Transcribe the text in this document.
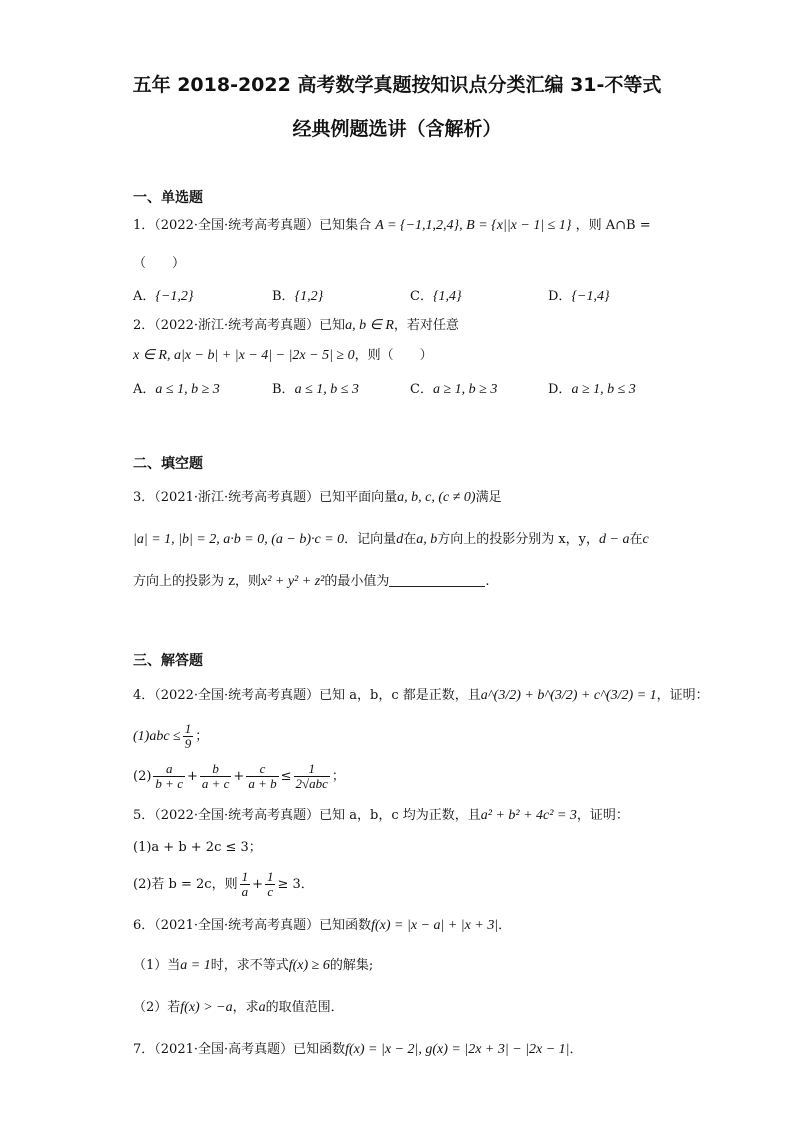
五年 2018-2022 高考数学真题按知识点分类汇编 31-不等式
经典例题选讲（含解析）
一、单选题
1．（2022·全国·统考高考真题）已知集合 A = {−1,1,2,4}, B = {x||x − 1| ≤ 1} ，则 A∩B =
（　　）
A．{−1,2}	B．{1,2}	C．{1,4}	D．{−1,4}
2．（2022·浙江·统考高考真题）已知a, b ∈ R，若对任意
x ∈ R, a|x − b| + |x − 4| − |2x − 5| ≥ 0，则（　　）
A．a ≤ 1, b ≥ 3	B．a ≤ 1, b ≤ 3	C．a ≥ 1, b ≥ 3	D．a ≥ 1, b ≤ 3
二、填空题
3．（2021·浙江·统考高考真题）已知平面向量a, b, c, (c ≠ 0)满足
|a| = 1, |b| = 2, a·b = 0, (a − b)·c = 0．记向量d在a, b方向上的投影分别为 x，y，d − a在c
方向上的投影为 z，则x² + y² + z²的最小值为	.
三、解答题
4．（2022·全国·统考高考真题）已知 a，b，c 都是正数，且a^(3/2) + b^(3/2) + c^(3/2) = 1，证明：
$(1)abc \le \frac{1}{9}$ ；
$(2) \frac{a}{b + c} + \frac{b}{a + c} + \frac{c}{a + b} \le \frac{1}{\text{2√abc}}$ ；
5．（2022·全国·统考高考真题）已知 a，b，c 均为正数，且a² + b² + 4c² = 3，证明：
(1)a + b + 2c ≤ 3；
(2)若 b = 2c，则 $\frac{1}{a} + \frac{1}{c} \ge 3$．
6．（2021·全国·统考高考真题）已知函数f(x) = |x − a| + |x + 3|．
（1）当a = 1时，求不等式f(x) ≥ 6的解集;
（2）若f(x) > −a，求a的取值范围．
7．（2021·全国·高考真题）已知函数f(x) = |x − 2|, g(x) = |2x + 3| − |2x − 1|．
